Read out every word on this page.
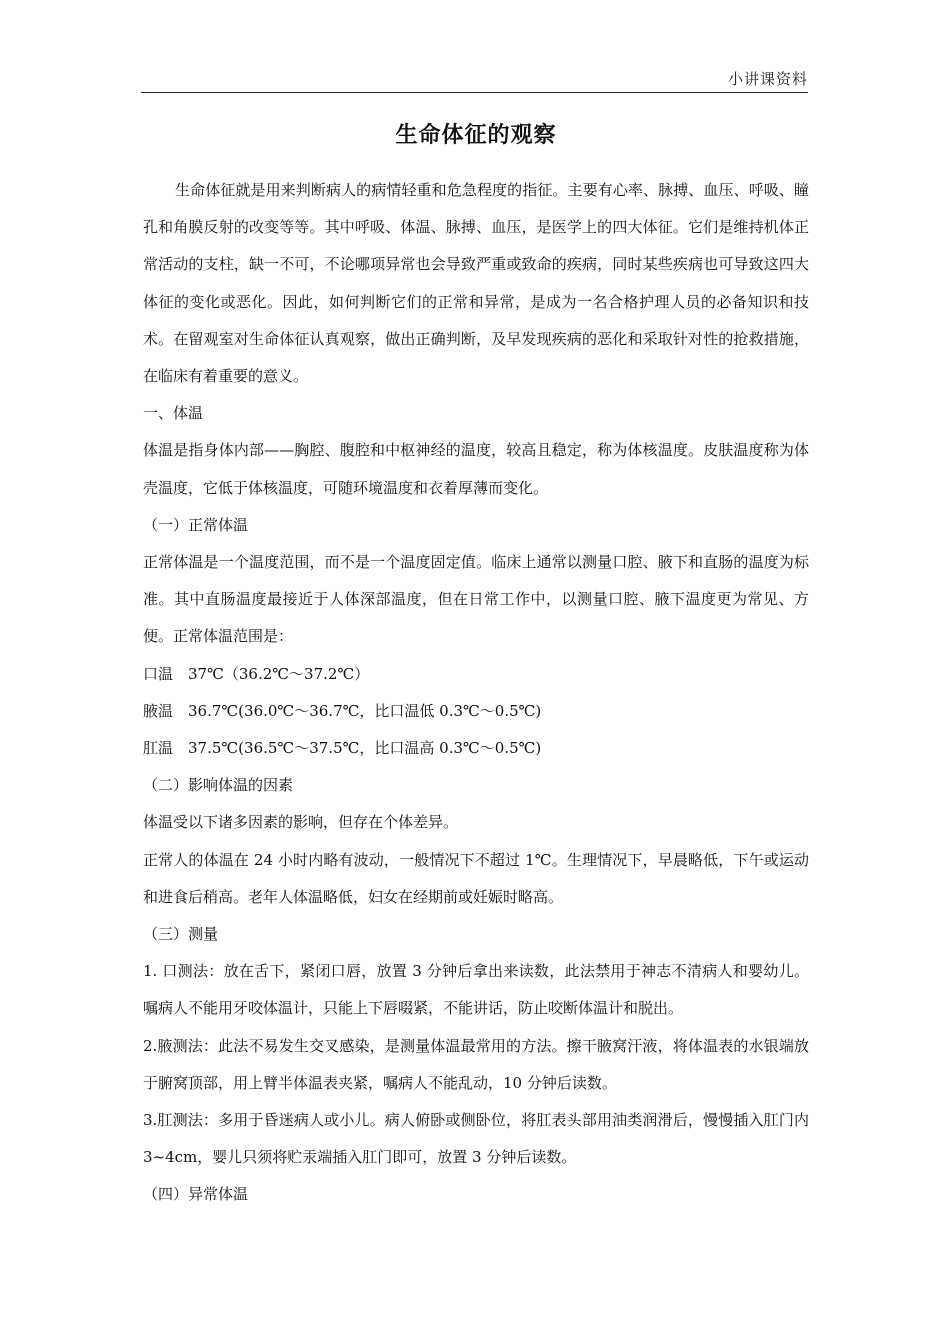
小讲课资料
生命体征的观察

生命体征就是用来判断病人的病情轻重和危急程度的指征。主要有心率、脉搏、血压、呼吸、瞳孔和角膜反射的改变等等。其中呼吸、体温、脉搏、血压，是医学上的四大体征。它们是维持机体正常活动的支柱，缺一不可，不论哪项异常也会导致严重或致命的疾病，同时某些疾病也可导致这四大体征的变化或恶化。因此，如何判断它们的正常和异常，是成为一名合格护理人员的必备知识和技术。在留观室对生命体征认真观察，做出正确判断，及早发现疾病的恶化和采取针对性的抢救措施，在临床有着重要的意义。

一、体温

体温是指身体内部——胸腔、腹腔和中枢神经的温度，较高且稳定，称为体核温度。皮肤温度称为体壳温度，它低于体核温度，可随环境温度和衣着厚薄而变化。

（一）正常体温

正常体温是一个温度范围，而不是一个温度固定值。临床上通常以测量口腔、腋下和直肠的温度为标准。其中直肠温度最接近于人体深部温度，但在日常工作中，以测量口腔、腋下温度更为常见、方便。正常体温范围是：

口温　37℃（36.2℃～37.2℃）

腋温　36.7℃(36.0℃～36.7℃，比口温低 0.3℃～0.5℃)

肛温　37.5℃(36.5℃～37.5℃，比口温高 0.3℃～0.5℃)

（二）影响体温的因素

体温受以下诸多因素的影响，但存在个体差异。

正常人的体温在 24 小时内略有波动，一般情况下不超过 1℃。生理情况下，早晨略低，下午或运动和进食后稍高。老年人体温略低，妇女在经期前或妊娠时略高。

（三）测量

1. 口测法：放在舌下，紧闭口唇，放置 3 分钟后拿出来读数，此法禁用于神志不清病人和婴幼儿。嘱病人不能用牙咬体温计，只能上下唇啜紧，不能讲话，防止咬断体温计和脱出。

2.腋测法：此法不易发生交叉感染，是测量体温最常用的方法。擦干腋窝汗液，将体温表的水银端放于腑窝顶部，用上臂半体温表夹紧，嘱病人不能乱动，10 分钟后读数。

3.肛测法：多用于昏迷病人或小儿。病人俯卧或侧卧位，将肛表头部用油类润滑后，慢慢插入肛门内 3~4cm，婴儿只须将贮汞端插入肛门即可，放置 3 分钟后读数。

（四）异常体温
